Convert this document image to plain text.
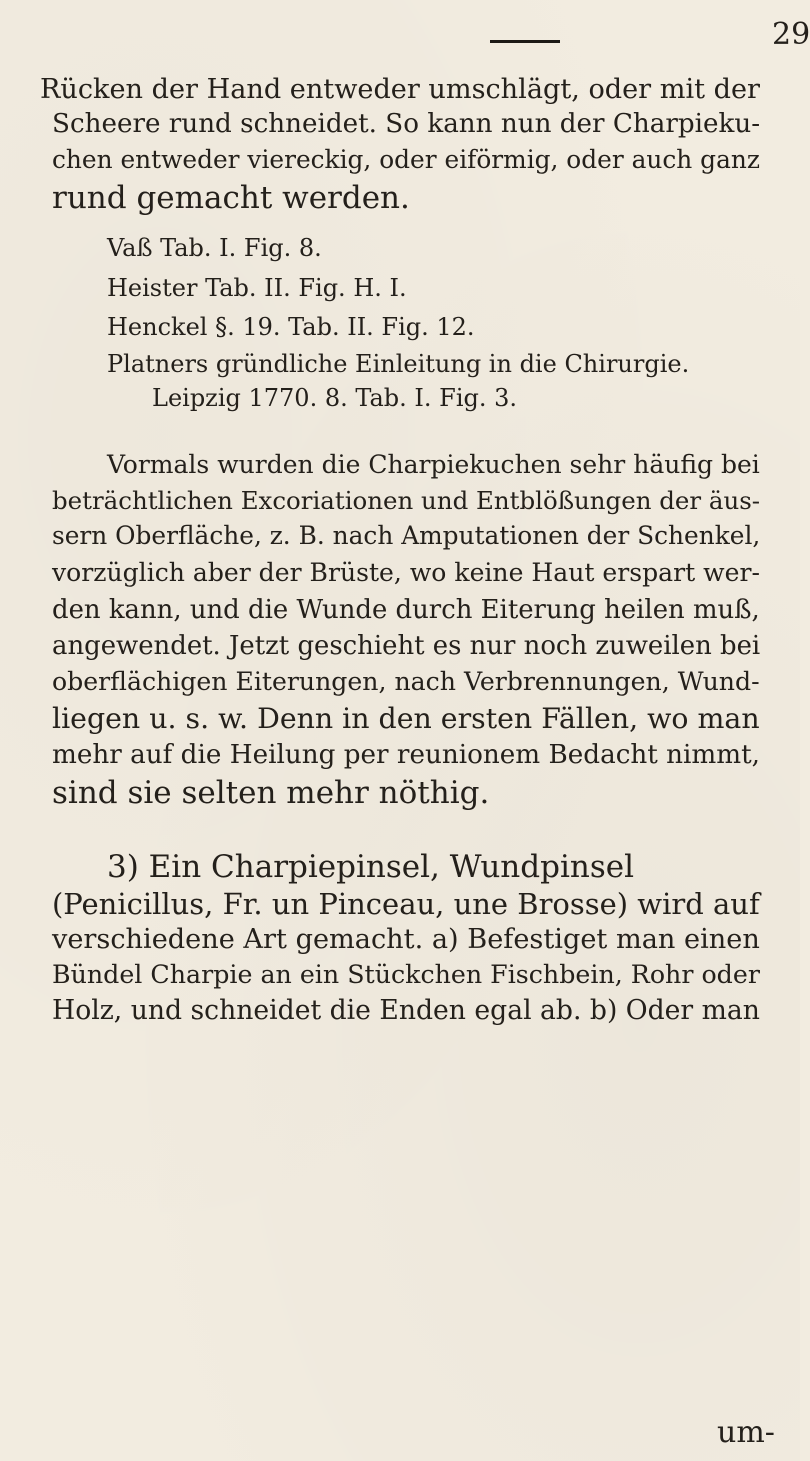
29
Rücken der Hand entweder umschlägt, oder mit der
Scheere rund schneidet. So kann nun der Charpieku-
chen entweder viereckig, oder eiförmig, oder auch ganz
rund gemacht werden.
Vaß Tab. I. Fig. 8.
Heister Tab. II. Fig. H. I.
Henckel §. 19. Tab. II. Fig. 12.
Platners gründliche Einleitung in die Chirurgie.
Leipzig 1770. 8. Tab. I. Fig. 3.
Vormals wurden die Charpiekuchen sehr häufig bei
beträchtlichen Excoriationen und Entblößungen der äus-
sern Oberfläche, z. B. nach Amputationen der Schenkel,
vorzüglich aber der Brüste, wo keine Haut erspart wer-
den kann, und die Wunde durch Eiterung heilen muß,
angewendet. Jetzt geschieht es nur noch zuweilen bei
oberflächigen Eiterungen, nach Verbrennungen, Wund-
liegen u. s. w. Denn in den ersten Fällen, wo man
mehr auf die Heilung per reunionem Bedacht nimmt,
sind sie selten mehr nöthig.
3) Ein Charpiepinsel, Wundpinsel
(Penicillus, Fr. un Pinceau, une Brosse) wird auf
verschiedene Art gemacht. a) Befestiget man einen
Bündel Charpie an ein Stückchen Fischbein, Rohr oder
Holz, und schneidet die Enden egal ab. b) Oder man
um-
